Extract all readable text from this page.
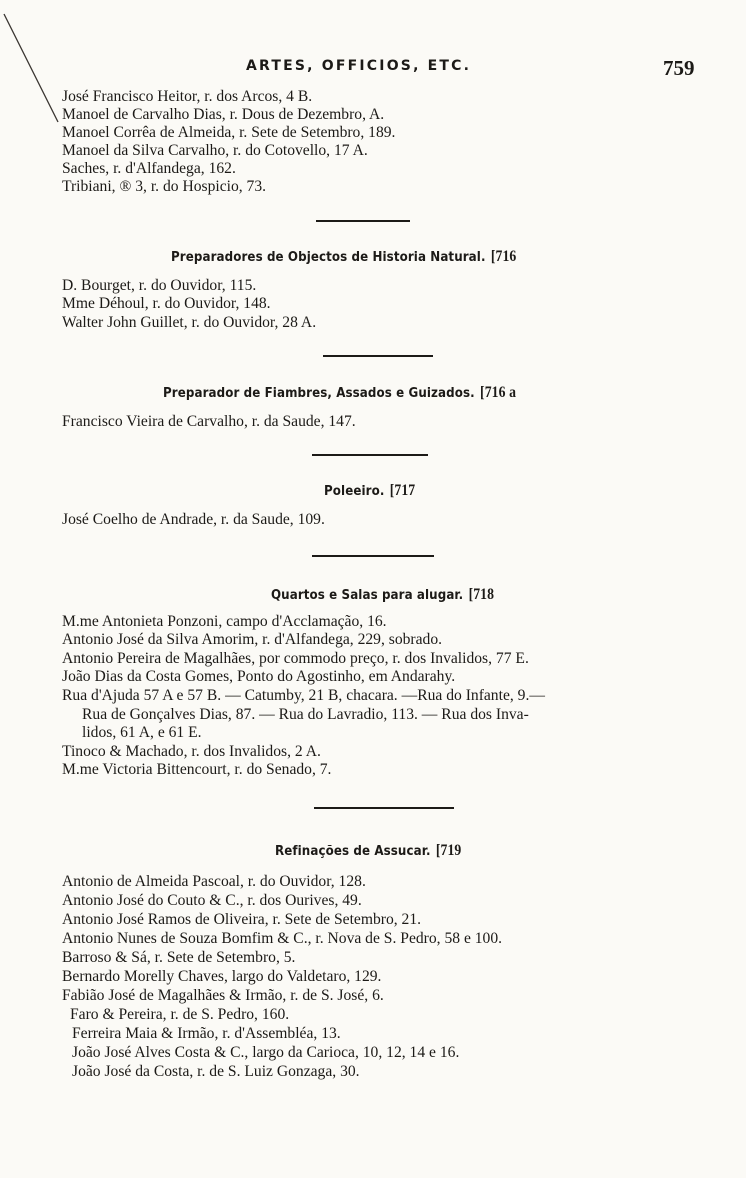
ARTES, OFFICIOS, ETC.	759
José Francisco Heitor, r. dos Arcos, 4 B.
Manoel de Carvalho Dias, r. Dous de Dezembro, A.
Manoel Corrêa de Almeida, r. Sete de Setembro, 189.
Manoel da Silva Carvalho, r. do Cotovello, 17 A.
Saches, r. d'Alfandega, 162.
Tribiani, ® 3, r. do Hospicio, 73.
Preparadores de Objectos de Historia Natural. [716
D. Bourget, r. do Ouvidor, 115.
Mme Déhoul, r. do Ouvidor, 148.
Walter John Guillet, r. do Ouvidor, 28 A.
Preparador de Fiambres, Assados e Guizados. [716 a
Francisco Vieira de Carvalho, r. da Saude, 147.
Poleeiro. [717
José Coelho de Andrade, r. da Saude, 109.
Quartos e Salas para alugar. [718
M.me Antonieta Ponzoni, campo d'Acclamação, 16.
Antonio José da Silva Amorim, r. d'Alfandega, 229, sobrado.
Antonio Pereira de Magalhães, por commodo preço, r. dos Invalidos, 77 E.
João Dias da Costa Gomes, Ponto do Agostinho, em Andarahy.
Rua d'Ajuda 57 A e 57 B. — Catumby, 21 B, chacara. —Rua do Infante, 9.—
Rua de Gonçalves Dias, 87. — Rua do Lavradio, 113. — Rua dos Inva-
lidos, 61 A, e 61 E.
Tinoco & Machado, r. dos Invalidos, 2 A.
M.me Victoria Bittencourt, r. do Senado, 7.
Refinações de Assucar. [719
Antonio de Almeida Pascoal, r. do Ouvidor, 128.
Antonio José do Couto & C., r. dos Ourives, 49.
Antonio José Ramos de Oliveira, r. Sete de Setembro, 21.
Antonio Nunes de Souza Bomfim & C., r. Nova de S. Pedro, 58 e 100.
Barroso & Sá, r. Sete de Setembro, 5.
Bernardo Morelly Chaves, largo do Valdetaro, 129.
Fabião José de Magalhães & Irmão, r. de S. José, 6.
Faro & Pereira, r. de S. Pedro, 160.
Ferreira Maia & Irmão, r. d'Assembléa, 13.
João José Alves Costa & C., largo da Carioca, 10, 12, 14 e 16.
João José da Costa, r. de S. Luiz Gonzaga, 30.
